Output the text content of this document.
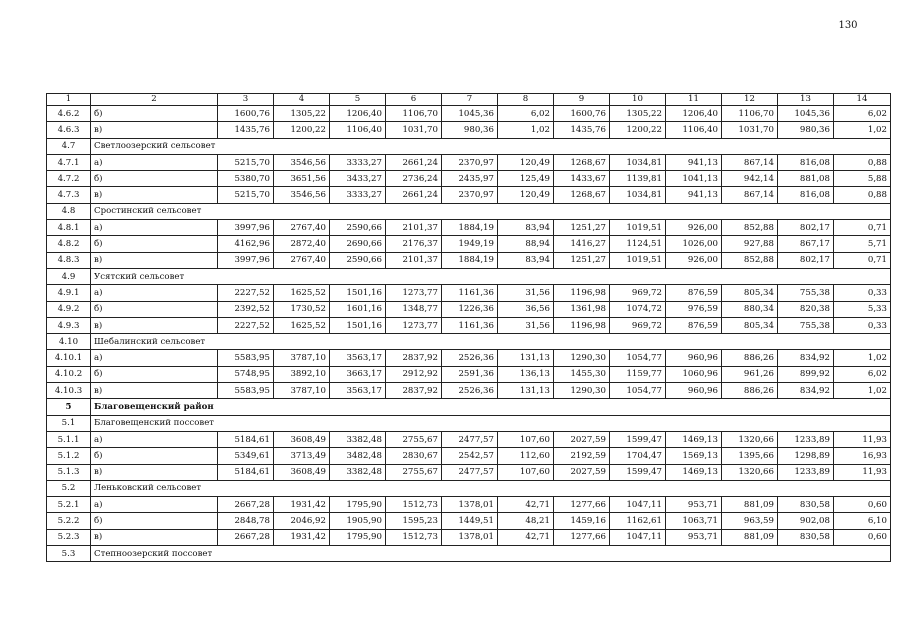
130
1	2	3	4	5	6	7	8	9	10	11	12	13	14
4.6.2	б)	1600,76	1305,22	1206,40	1106,70	1045,36	6,02	1600,76	1305,22	1206,40	1106,70	1045,36	6,02
4.6.3	в)	1435,76	1200,22	1106,40	1031,70	980,36	1,02	1435,76	1200,22	1106,40	1031,70	980,36	1,02
4.7	Светлоозерский сельсовет												
4.7.1	а)	5215,70	3546,56	3333,27	2661,24	2370,97	120,49	1268,67	1034,81	941,13	867,14	816,08	0,88
4.7.2	б)	5380,70	3651,56	3433,27	2736,24	2435,97	125,49	1433,67	1139,81	1041,13	942,14	881,08	5,88
4.7.3	в)	5215,70	3546,56	3333,27	2661,24	2370,97	120,49	1268,67	1034,81	941,13	867,14	816,08	0,88
4.8	Сростинский сельсовет												
4.8.1	а)	3997,96	2767,40	2590,66	2101,37	1884,19	83,94	1251,27	1019,51	926,00	852,88	802,17	0,71
4.8.2	б)	4162,96	2872,40	2690,66	2176,37	1949,19	88,94	1416,27	1124,51	1026,00	927,88	867,17	5,71
4.8.3	в)	3997,96	2767,40	2590,66	2101,37	1884,19	83,94	1251,27	1019,51	926,00	852,88	802,17	0,71
4.9	Усятский сельсовет												
4.9.1	а)	2227,52	1625,52	1501,16	1273,77	1161,36	31,56	1196,98	969,72	876,59	805,34	755,38	0,33
4.9.2	б)	2392,52	1730,52	1601,16	1348,77	1226,36	36,56	1361,98	1074,72	976,59	880,34	820,38	5,33
4.9.3	в)	2227,52	1625,52	1501,16	1273,77	1161,36	31,56	1196,98	969,72	876,59	805,34	755,38	0,33
4.10	Шебалинский сельсовет												
4.10.1	а)	5583,95	3787,10	3563,17	2837,92	2526,36	131,13	1290,30	1054,77	960,96	886,26	834,92	1,02
4.10.2	б)	5748,95	3892,10	3663,17	2912,92	2591,36	136,13	1455,30	1159,77	1060,96	961,26	899,92	6,02
4.10.3	в)	5583,95	3787,10	3563,17	2837,92	2526,36	131,13	1290,30	1054,77	960,96	886,26	834,92	1,02
5	Благовещенский район												
5.1	Благовещенский поссовет												
5.1.1	а)	5184,61	3608,49	3382,48	2755,67	2477,57	107,60	2027,59	1599,47	1469,13	1320,66	1233,89	11,93
5.1.2	б)	5349,61	3713,49	3482,48	2830,67	2542,57	112,60	2192,59	1704,47	1569,13	1395,66	1298,89	16,93
5.1.3	в)	5184,61	3608,49	3382,48	2755,67	2477,57	107,60	2027,59	1599,47	1469,13	1320,66	1233,89	11,93
5.2	Леньковский сельсовет												
5.2.1	а)	2667,28	1931,42	1795,90	1512,73	1378,01	42,71	1277,66	1047,11	953,71	881,09	830,58	0,60
5.2.2	б)	2848,78	2046,92	1905,90	1595,23	1449,51	48,21	1459,16	1162,61	1063,71	963,59	902,08	6,10
5.2.3	в)	2667,28	1931,42	1795,90	1512,73	1378,01	42,71	1277,66	1047,11	953,71	881,09	830,58	0,60
5.3	Степноозерский поссовет												
